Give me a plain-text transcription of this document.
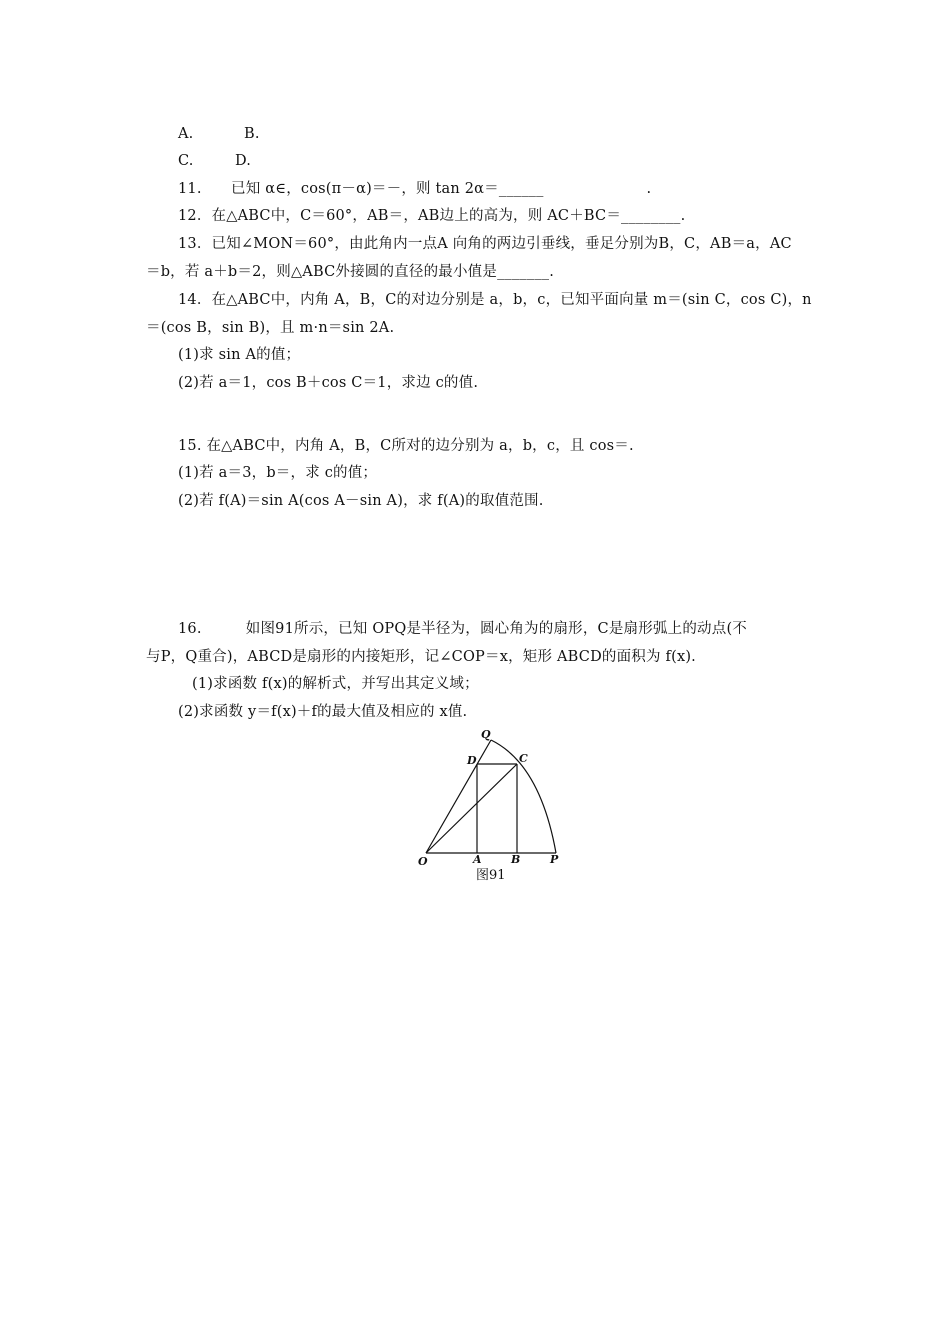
A.	B.
C.	D.
11.　　已知 α∈，cos(π－α)＝－，则 tan 2α＝______　　　　　　　.
12．在△ABC中，C＝60°，AB＝，AB边上的高为，则 AC＋BC＝________.
13．已知∠MON＝60°，由此角内一点A 向角的两边引垂线，垂足分别为B，C，AB＝a，AC
＝b，若 a＋b＝2，则△ABC外接圆的直径的最小值是_______.
14．在△ABC中，内角 A，B，C的对边分别是 a，b，c，已知平面向量 m＝(sin C，cos C)，n
＝(cos B，sin B)，且 m·n＝sin 2A.
(1)求 sin A的值；
(2)若 a＝1，cos B＋cos C＝1，求边 c的值.
15. 在△ABC中，内角 A，B，C所对的边分别为 a，b，c，且 cos＝.
(1)若 a＝3，b＝，求 c的值；
(2)若 f(A)＝sin A(cos A－sin A)，求 f(A)的取值范围.
16.　　　如图91所示，已知 OPQ是半径为，圆心角为的扇形，C是扇形弧上的动点(不
与P，Q重合)，ABCD是扇形的内接矩形，记∠COP＝x，矩形 ABCD的面积为 f(x).
(1)求函数 f(x)的解析式，并写出其定义域；
(2)求函数 y＝f(x)＋f的最大值及相应的 x值.
O	A	B	P
Q
C
D
图91
